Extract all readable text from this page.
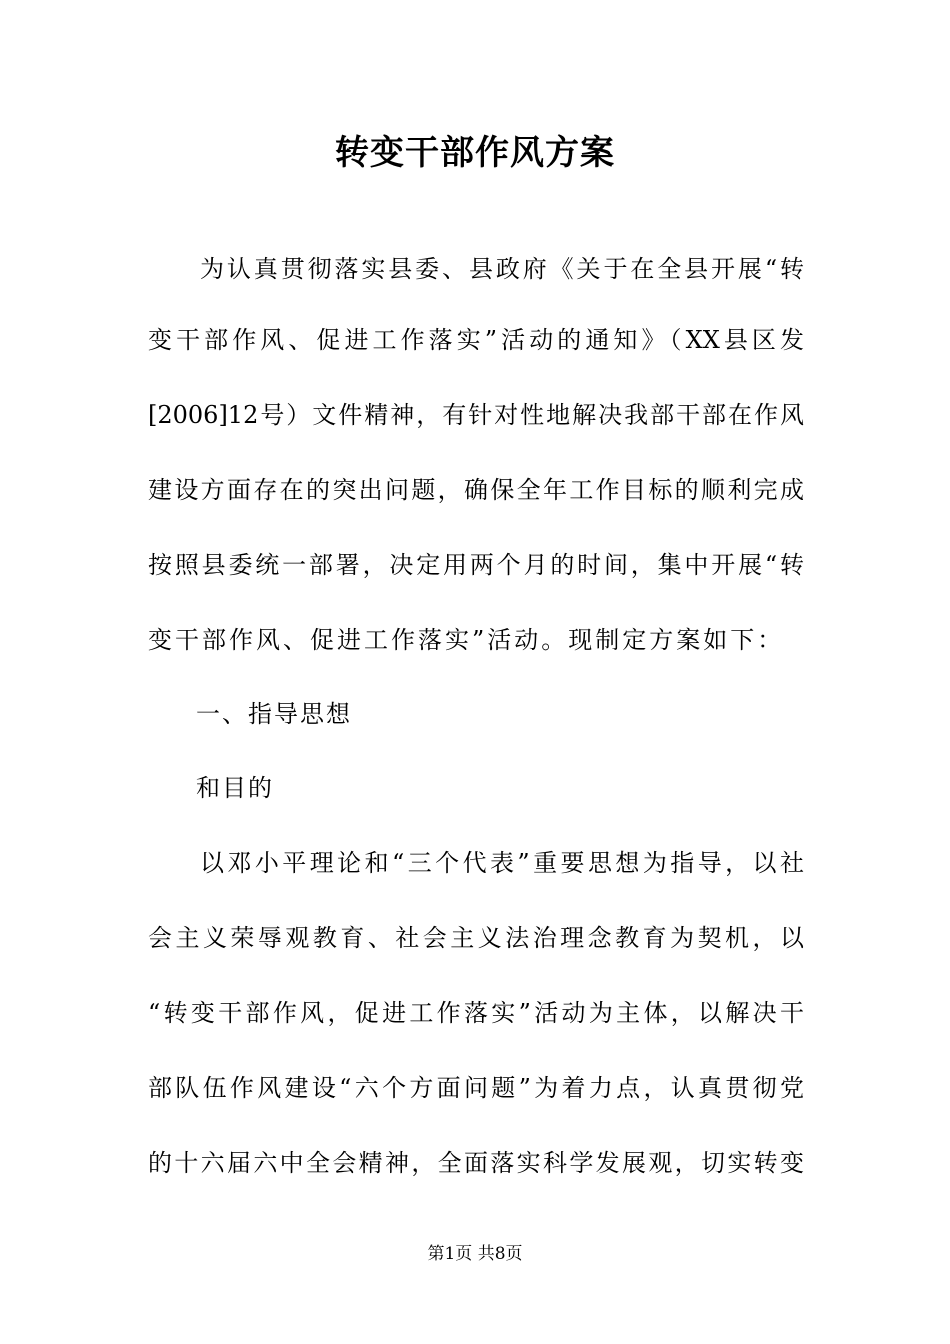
转变干部作风方案
为认真贯彻落实县委、县政府《关于在全县开展“转
变干部作风、促进工作落实”活动的通知》（XX县区发
[2006]12号）文件精神，有针对性地解决我部干部在作风
建设方面存在的突出问题，确保全年工作目标的顺利完成
按照县委统一部署，决定用两个月的时间，集中开展“转
变干部作风、促进工作落实”活动。现制定方案如下：
一、指导思想
和目的
以邓小平理论和“三个代表”重要思想为指导，以社
会主义荣辱观教育、社会主义法治理念教育为契机，以
“转变干部作风，促进工作落实”活动为主体，以解决干
部队伍作风建设“六个方面问题”为着力点，认真贯彻党
的十六届六中全会精神，全面落实科学发展观，切实转变
第1页 共8页
